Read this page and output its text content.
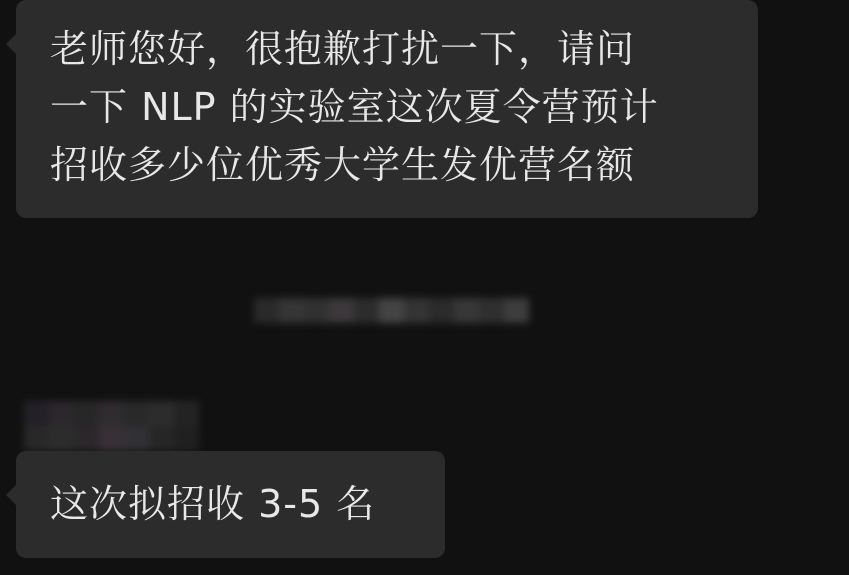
老师您好，很抱歉打扰一下，请问
一下 NLP 的实验室这次夏令营预计
招收多少位优秀大学生发优营名额
这次拟招收 3-5 名
